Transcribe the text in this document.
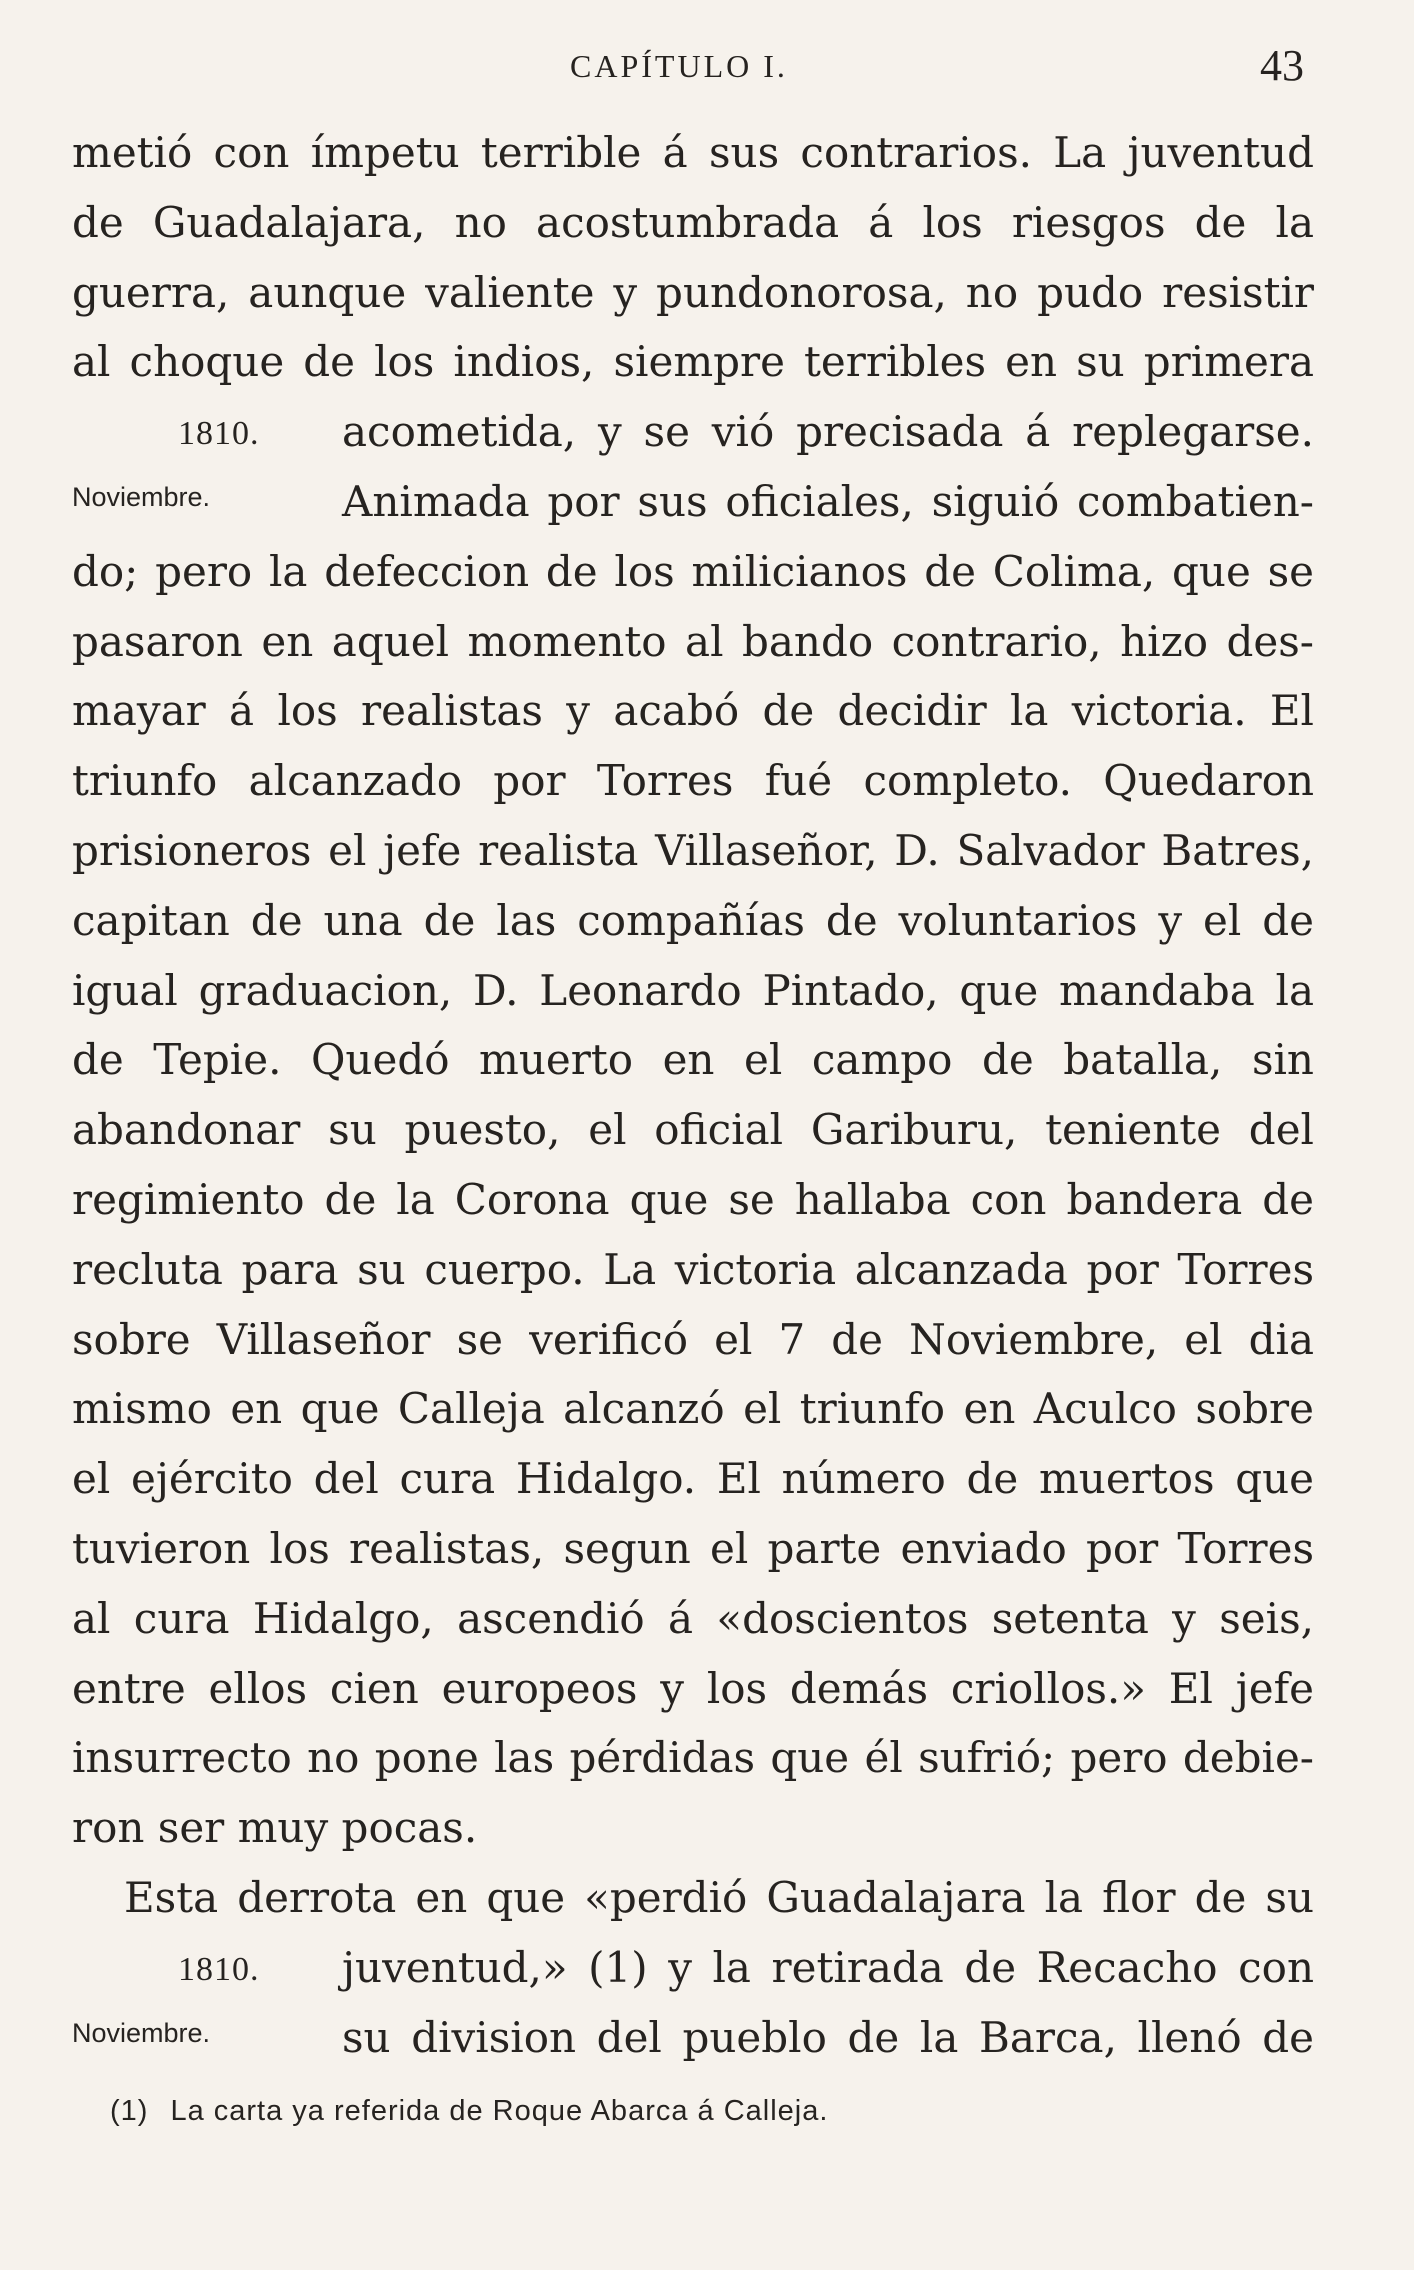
CAPÍTULO I.	43
metió con ímpetu terrible á sus contrarios. La juventud
de Guadalajara, no acostumbrada á los riesgos de la
guerra, aunque valiente y pundonorosa, no pudo resistir
al choque de los indios, siempre terribles en su primera
1810. acometida, y se vió precisada á replegarse.
Noviembre.	Animada por sus oficiales, siguió combatien-
do; pero la defeccion de los milicianos de Colima, que se
pasaron en aquel momento al bando contrario, hizo des-
mayar á los realistas y acabó de decidir la victoria. El
triunfo alcanzado por Torres fué completo. Quedaron
prisioneros el jefe realista Villaseñor, D. Salvador Batres,
capitan de una de las compañías de voluntarios y el de
igual graduacion, D. Leonardo Pintado, que mandaba la
de Tepie. Quedó muerto en el campo de batalla, sin
abandonar su puesto, el oficial Gariburu, teniente del
regimiento de la Corona que se hallaba con bandera de
recluta para su cuerpo. La victoria alcanzada por Torres
sobre Villaseñor se verificó el 7 de Noviembre, el dia
mismo en que Calleja alcanzó el triunfo en Aculco sobre
el ejército del cura Hidalgo. El número de muertos que
tuvieron los realistas, segun el parte enviado por Torres
al cura Hidalgo, ascendió á «doscientos setenta y seis,
entre ellos cien europeos y los demás criollos.» El jefe
insurrecto no pone las pérdidas que él sufrió; pero debie-
ron ser muy pocas.
Esta derrota en que «perdió Guadalajara la flor de su
1810. juventud,» (1) y la retirada de Recacho con
Noviembre.	su division del pueblo de la Barca, llenó de
(1) La carta ya referida de Roque Abarca á Calleja.
